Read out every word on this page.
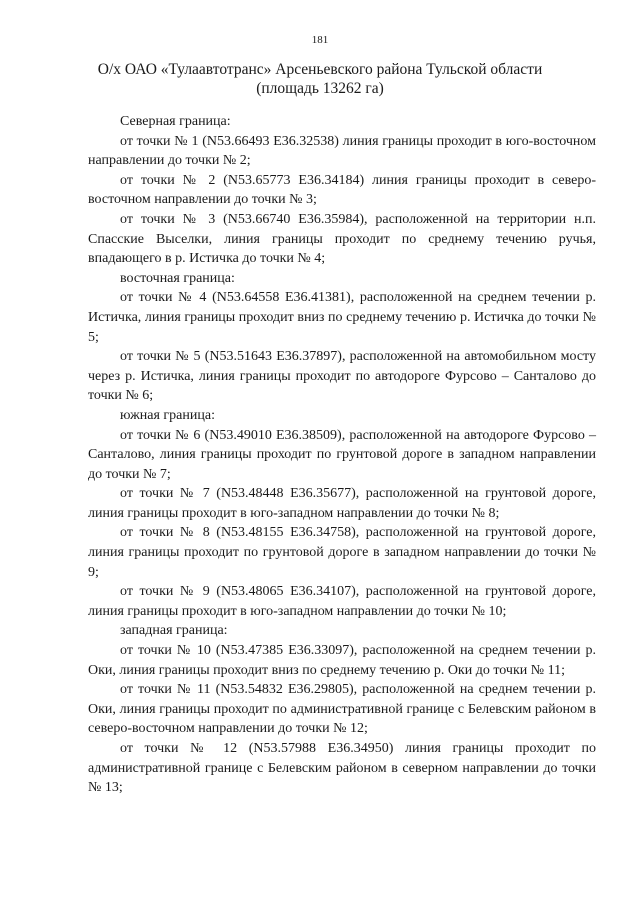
181
О/х ОАО «Тулаавтотранс» Арсеньевского района Тульской области
(площадь 13262 га)

Северная граница:

от точки № 1 (N53.66493 E36.32538) линия границы проходит в юго-восточном направлении до точки № 2;

от точки № 2 (N53.65773 E36.34184) линия границы проходит в северо-восточном направлении до точки № 3;

от точки № 3 (N53.66740 E36.35984), расположенной на территории н.п. Спасские Выселки, линия границы проходит по среднему течению ручья, впадающего в р. Истичка до точки № 4;

восточная граница:

от точки № 4 (N53.64558 E36.41381), расположенной на среднем течении р. Истичка, линия границы проходит вниз по среднему течению р. Истичка до точки № 5;

от точки № 5 (N53.51643 E36.37897), расположенной на автомобильном мосту через р. Истичка, линия границы проходит по автодороге Фурсово – Санталово до точки № 6;

южная граница:

от точки № 6 (N53.49010 E36.38509), расположенной на автодороге Фурсово – Санталово, линия границы проходит по грунтовой дороге в западном направлении до точки № 7;

от точки № 7 (N53.48448 E36.35677), расположенной на грунтовой дороге, линия границы проходит в юго-западном направлении до точки № 8;

от точки № 8 (N53.48155 E36.34758), расположенной на грунтовой дороге, линия границы проходит по грунтовой дороге в западном направлении до точки № 9;

от точки № 9 (N53.48065 E36.34107), расположенной на грунтовой дороге, линия границы проходит в юго-западном направлении до точки № 10;

западная граница:

от точки № 10 (N53.47385 E36.33097), расположенной на среднем течении р. Оки, линия границы проходит вниз по среднему течению р. Оки до точки № 11;

от точки № 11 (N53.54832 E36.29805), расположенной на среднем течении р. Оки, линия границы проходит по административной границе с Белевским районом в северо-восточном направлении до точки № 12;

от точки № 12 (N53.57988 E36.34950) линия границы проходит по административной границе с Белевским районом в северном направлении до точки № 13;
